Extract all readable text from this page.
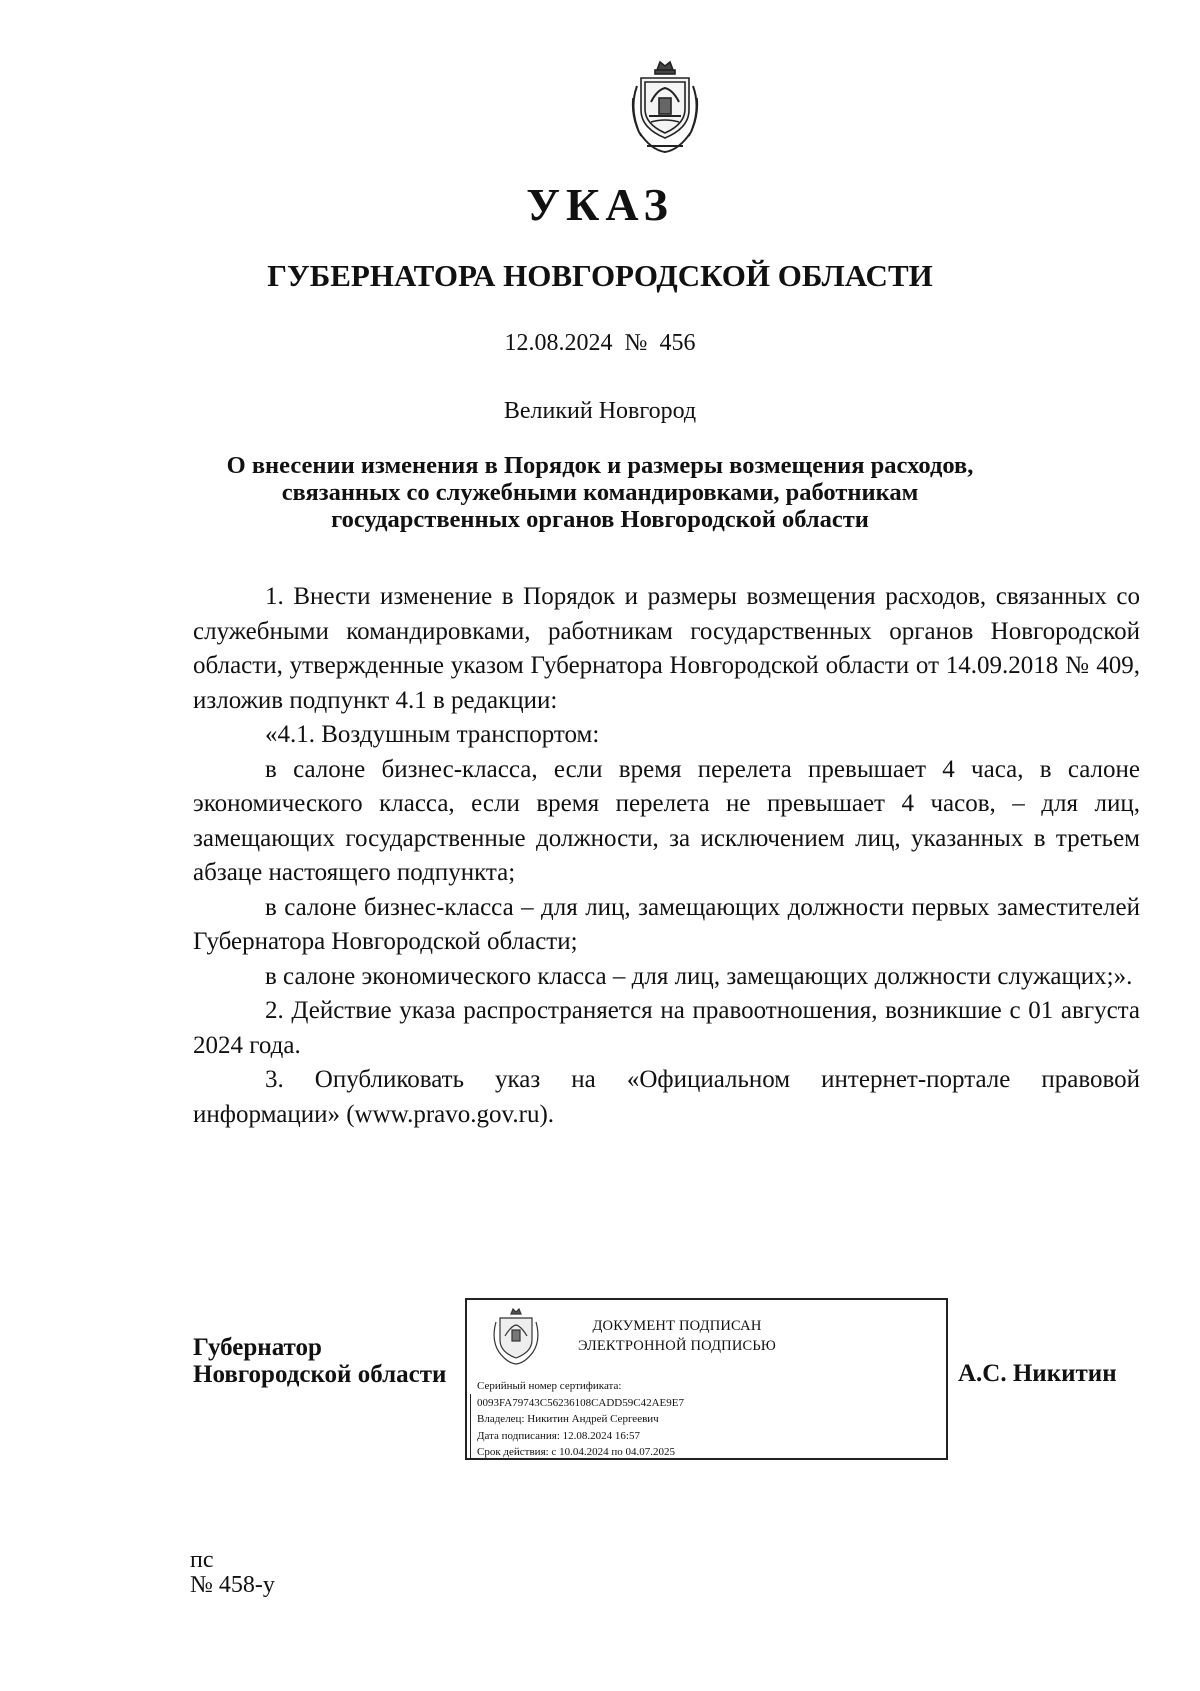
УКАЗ
ГУБЕРНАТОРА НОВГОРОДСКОЙ ОБЛАСТИ
12.08.2024  №  456
Великий Новгород
О внесении изменения в Порядок и размеры возмещения расходов,
связанных со служебными командировками, работникам
государственных органов Новгородской области

1. Внести изменение в Порядок и размеры возмещения расходов, связанных со служебными командировками, работникам государственных органов Новгородской области, утвержденные указом Губернатора Новгородской области от 14.09.2018 № 409, изложив подпункт 4.1 в редакции:

«4.1. Воздушным транспортом:

в салоне бизнес-класса, если время перелета превышает 4 часа, в салоне экономического класса, если время перелета не превышает 4 часов, – для лиц, замещающих государственные должности, за исключением лиц, указанных в третьем абзаце настоящего подпункта;

в салоне бизнес-класса – для лиц, замещающих должности первых заместителей Губернатора Новгородской области;

в салоне экономического класса – для лиц, замещающих должности служащих;».

2. Действие указа распространяется на правоотношения, возникшие с 01 августа 2024 года.

3. Опубликовать указ на «Официальном интернет-портале правовой информации» (www.pravo.gov.ru).

Губернатор
Новгородской области
ДОКУМЕНТ ПОДПИСАН
ЭЛЕКТРОННОЙ ПОДПИСЬЮ
Серийный номер сертификата:
0093FA79743C56236108CADD59C42AE9E7
Владелец: Никитин Андрей Сергеевич
Дата подписания: 12.08.2024 16:57
Срок действия: с 10.04.2024 по 04.07.2025
А.С. Никитин
пс
№ 458-у
